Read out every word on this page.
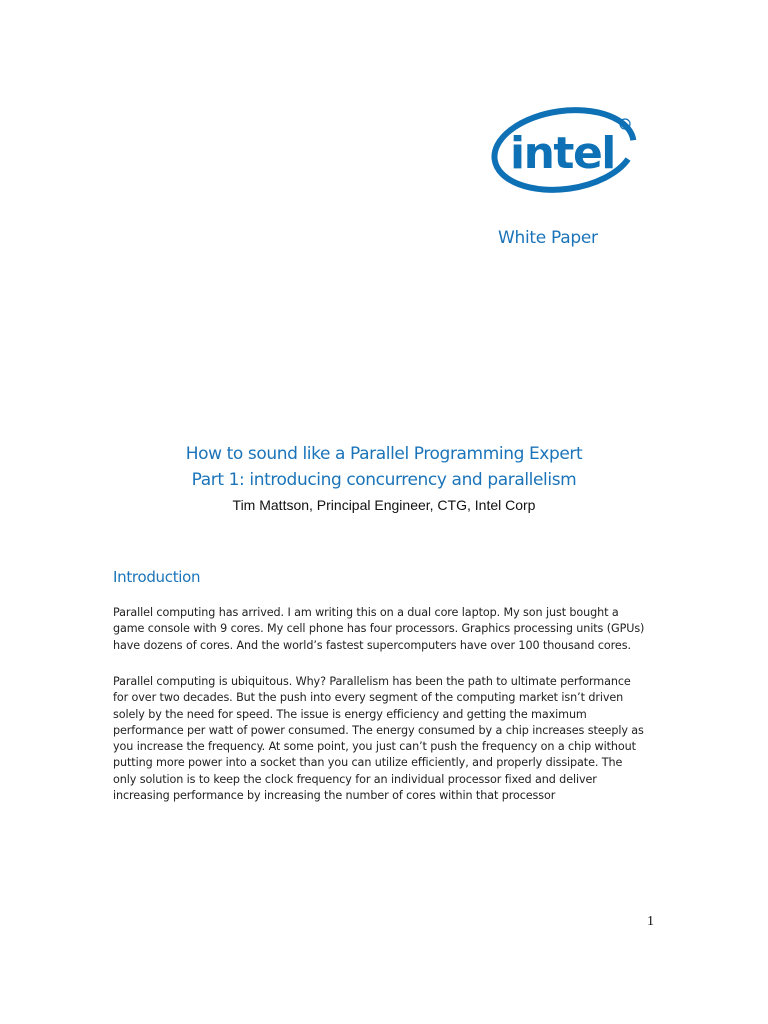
intel
R
White Paper
How to sound like a Parallel Programming Expert
Part 1: introducing concurrency and parallelism
Tim Mattson, Principal Engineer, CTG, Intel Corp
Introduction

Parallel computing has arrived. I am writing this on a dual core laptop. My son just bought a
game console with 9 cores. My cell phone has four processors. Graphics processing units (GPUs)
have dozens of cores. And the world’s fastest supercomputers have over 100 thousand cores.

Parallel computing is ubiquitous. Why? Parallelism has been the path to ultimate performance
for over two decades. But the push into every segment of the computing market isn’t driven
solely by the need for speed. The issue is energy efficiency and getting the maximum
performance per watt of power consumed. The energy consumed by a chip increases steeply as
you increase the frequency. At some point, you just can’t push the frequency on a chip without
putting more power into a socket than you can utilize efficiently, and properly dissipate. The
only solution is to keep the clock frequency for an individual processor fixed and deliver
increasing performance by increasing the number of cores within that processor

1
